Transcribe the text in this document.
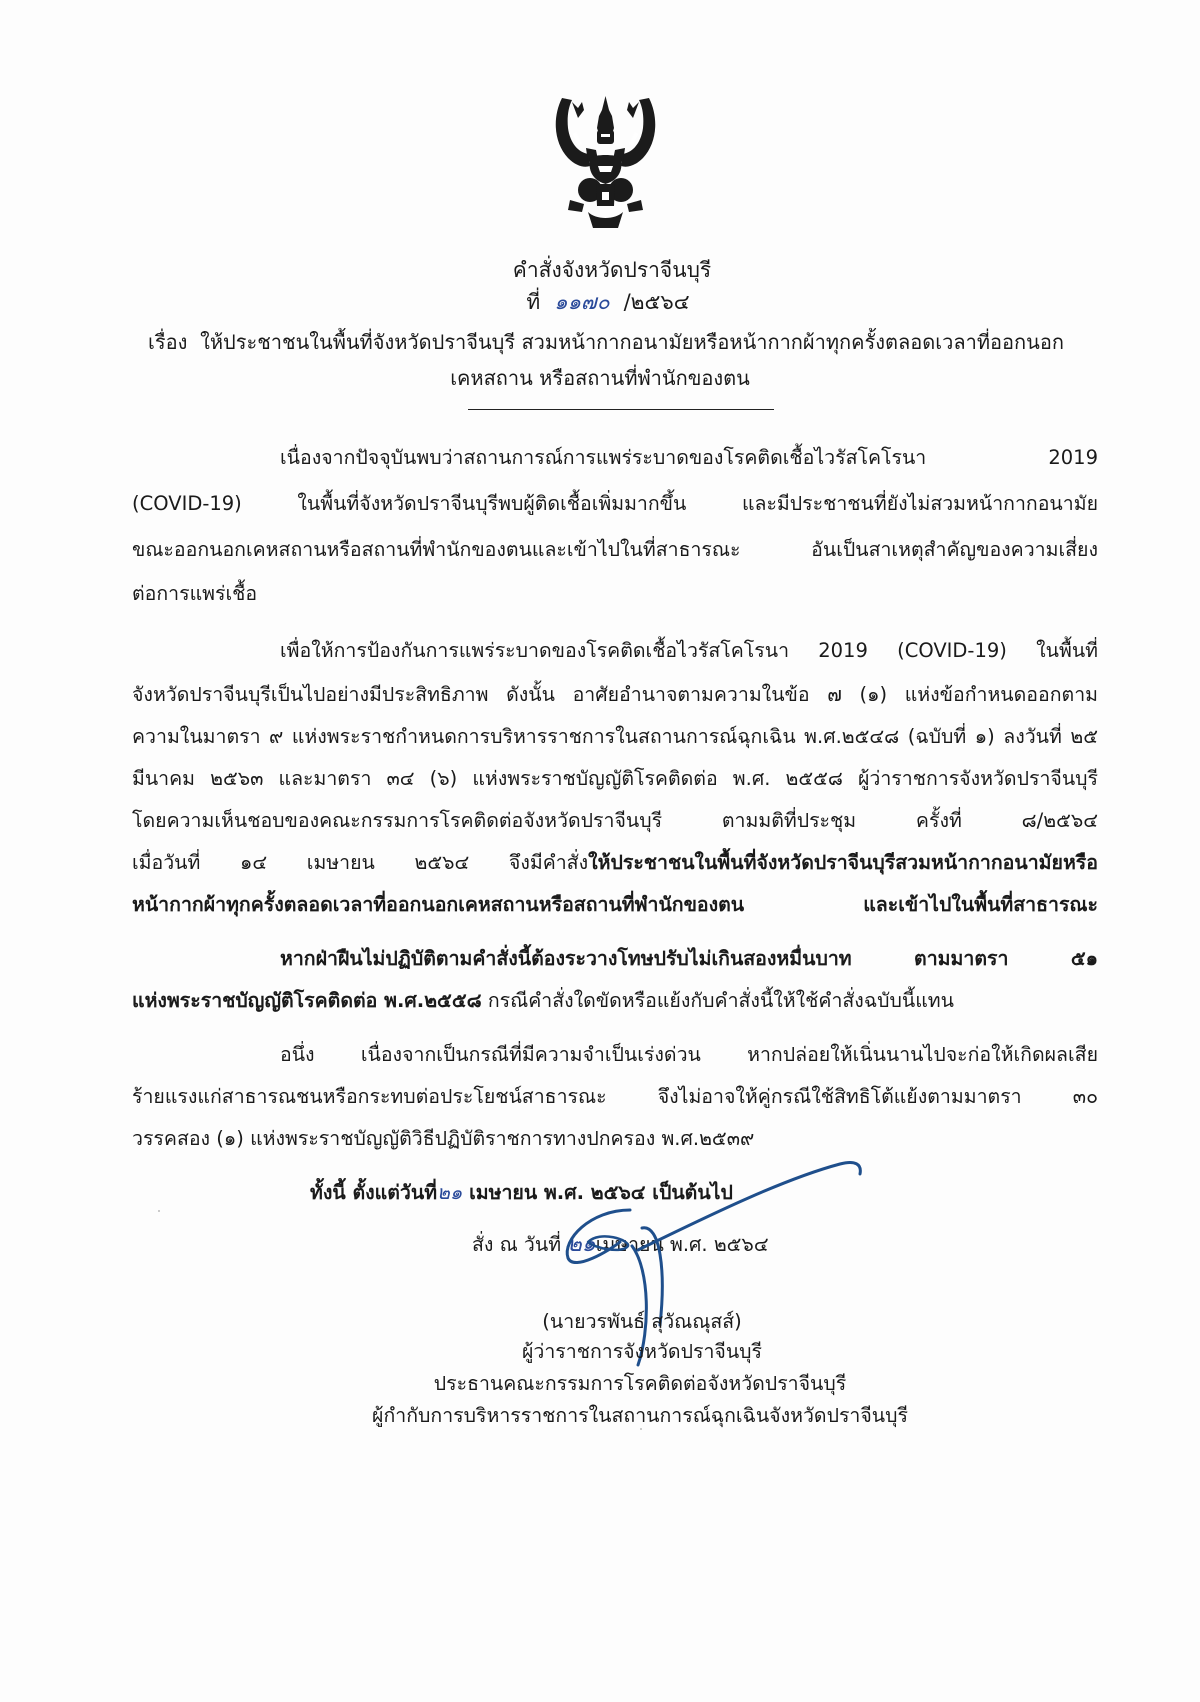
คำสั่งจังหวัดปราจีนบุรี
ที่ ๑๑๗๐ /๒๕๖๔
เรื่อง ให้ประชาชนในพื้นที่จังหวัดปราจีนบุรี สวมหน้ากากอนามัยหรือหน้ากากผ้าทุกครั้งตลอดเวลาที่ออกนอก
เคหสถาน หรือสถานที่พำนักของตน
เนื่องจากปัจจุบันพบว่าสถานการณ์การแพร่ระบาดของโรคติดเชื้อไวรัสโคโรนา 2019
(COVID-19) ในพื้นที่จังหวัดปราจีนบุรีพบผู้ติดเชื้อเพิ่มมากขึ้น และมีประชาชนที่ยังไม่สวมหน้ากากอนามัย
ขณะออกนอกเคหสถานหรือสถานที่พำนักของตนและเข้าไปในที่สาธารณะ อันเป็นสาเหตุสำคัญของความเสี่ยง
ต่อการแพร่เชื้อ
เพื่อให้การป้องกันการแพร่ระบาดของโรคติดเชื้อไวรัสโคโรนา 2019 (COVID-19) ในพื้นที่
จังหวัดปราจีนบุรีเป็นไปอย่างมีประสิทธิภาพ ดังนั้น อาศัยอำนาจตามความในข้อ ๗ (๑) แห่งข้อกำหนดออกตาม
ความในมาตรา ๙ แห่งพระราชกำหนดการบริหารราชการในสถานการณ์ฉุกเฉิน พ.ศ.๒๕๔๘ (ฉบับที่ ๑) ลงวันที่ ๒๕
มีนาคม ๒๕๖๓ และมาตรา ๓๔ (๖) แห่งพระราชบัญญัติโรคติดต่อ พ.ศ. ๒๕๕๘ ผู้ว่าราชการจังหวัดปราจีนบุรี
โดยความเห็นชอบของคณะกรรมการโรคติดต่อจังหวัดปราจีนบุรี ตามมติที่ประชุม ครั้งที่ ๘/๒๕๖๔
เมื่อวันที่ ๑๔ เมษายน ๒๕๖๔ จึงมีคำสั่งให้ประชาชนในพื้นที่จังหวัดปราจีนบุรีสวมหน้ากากอนามัยหรือ
หน้ากากผ้าทุกครั้งตลอดเวลาที่ออกนอกเคหสถานหรือสถานที่พำนักของตน และเข้าไปในพื้นที่สาธารณะ
หากฝ่าฝืนไม่ปฏิบัติตามคำสั่งนี้ต้องระวางโทษปรับไม่เกินสองหมื่นบาท ตามมาตรา ๕๑
แห่งพระราชบัญญัติโรคติดต่อ พ.ศ.๒๕๕๘ กรณีคำสั่งใดขัดหรือแย้งกับคำสั่งนี้ให้ใช้คำสั่งฉบับนี้แทน
อนึ่ง เนื่องจากเป็นกรณีที่มีความจำเป็นเร่งด่วน หากปล่อยให้เนิ่นนานไปจะก่อให้เกิดผลเสีย
ร้ายแรงแก่สาธารณชนหรือกระทบต่อประโยชน์สาธารณะ จึงไม่อาจให้คู่กรณีใช้สิทธิโต้แย้งตามมาตรา ๓๐
วรรคสอง (๑) แห่งพระราชบัญญัติวิธีปฏิบัติราชการทางปกครอง พ.ศ.๒๕๓๙
ทั้งนี้ ตั้งแต่วันที่๒๑ เมษายน พ.ศ. ๒๕๖๔ เป็นต้นไป
สั่ง ณ วันที่ ๒๑เมษายน พ.ศ. ๒๕๖๔
(นายวรพันธ์ สุวัณณุสส์)
ผู้ว่าราชการจังหวัดปราจีนบุรี
ประธานคณะกรรมการโรคติดต่อจังหวัดปราจีนบุรี
ผู้กำกับการบริหารราชการในสถานการณ์ฉุกเฉินจังหวัดปราจีนบุรี
